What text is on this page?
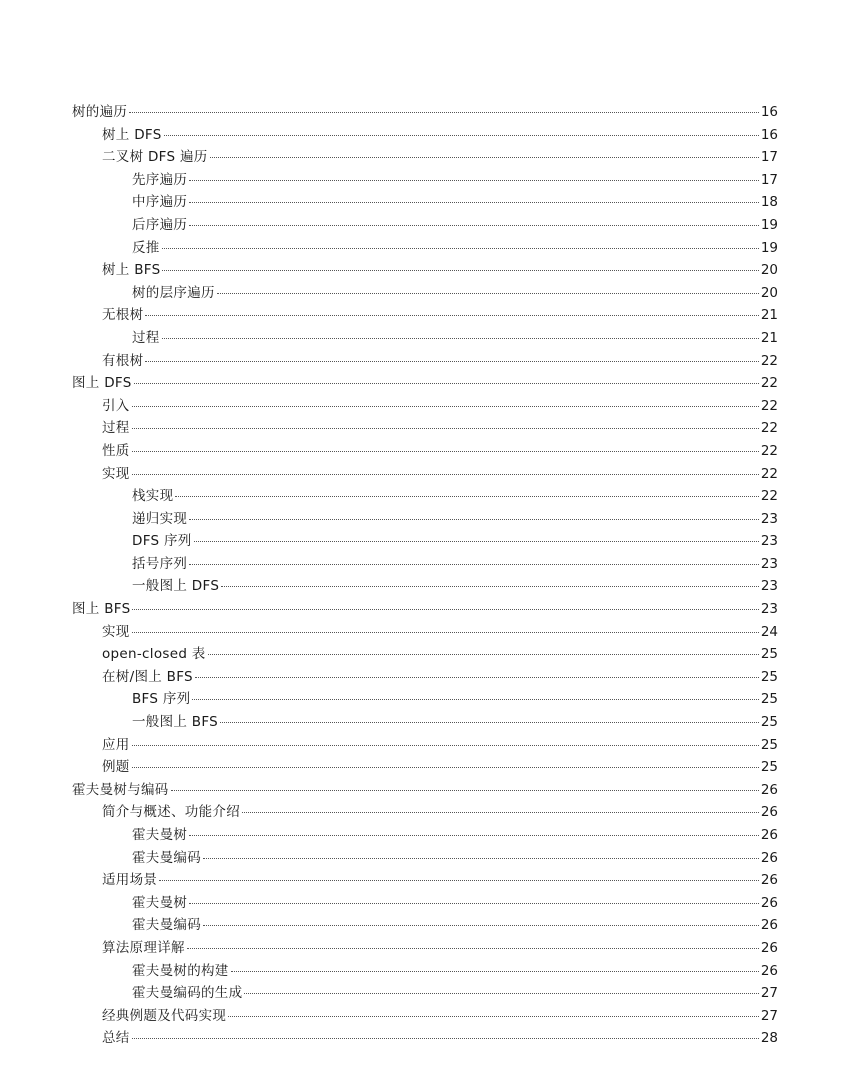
树的遍历	16
树上 DFS	16
二叉树 DFS 遍历	17
先序遍历	17
中序遍历	18
后序遍历	19
反推	19
树上 BFS	20
树的层序遍历	20
无根树	21
过程	21
有根树	22
图上 DFS	22
引入	22
过程	22
性质	22
实现	22
栈实现	22
递归实现	23
DFS 序列	23
括号序列	23
一般图上 DFS	23
图上 BFS	23
实现	24
open-closed 表	25
在树/图上 BFS	25
BFS 序列	25
一般图上 BFS	25
应用	25
例题	25
霍夫曼树与编码	26
简介与概述、功能介绍	26
霍夫曼树	26
霍夫曼编码	26
适用场景	26
霍夫曼树	26
霍夫曼编码	26
算法原理详解	26
霍夫曼树的构建	26
霍夫曼编码的生成	27
经典例题及代码实现	27
总结	28
